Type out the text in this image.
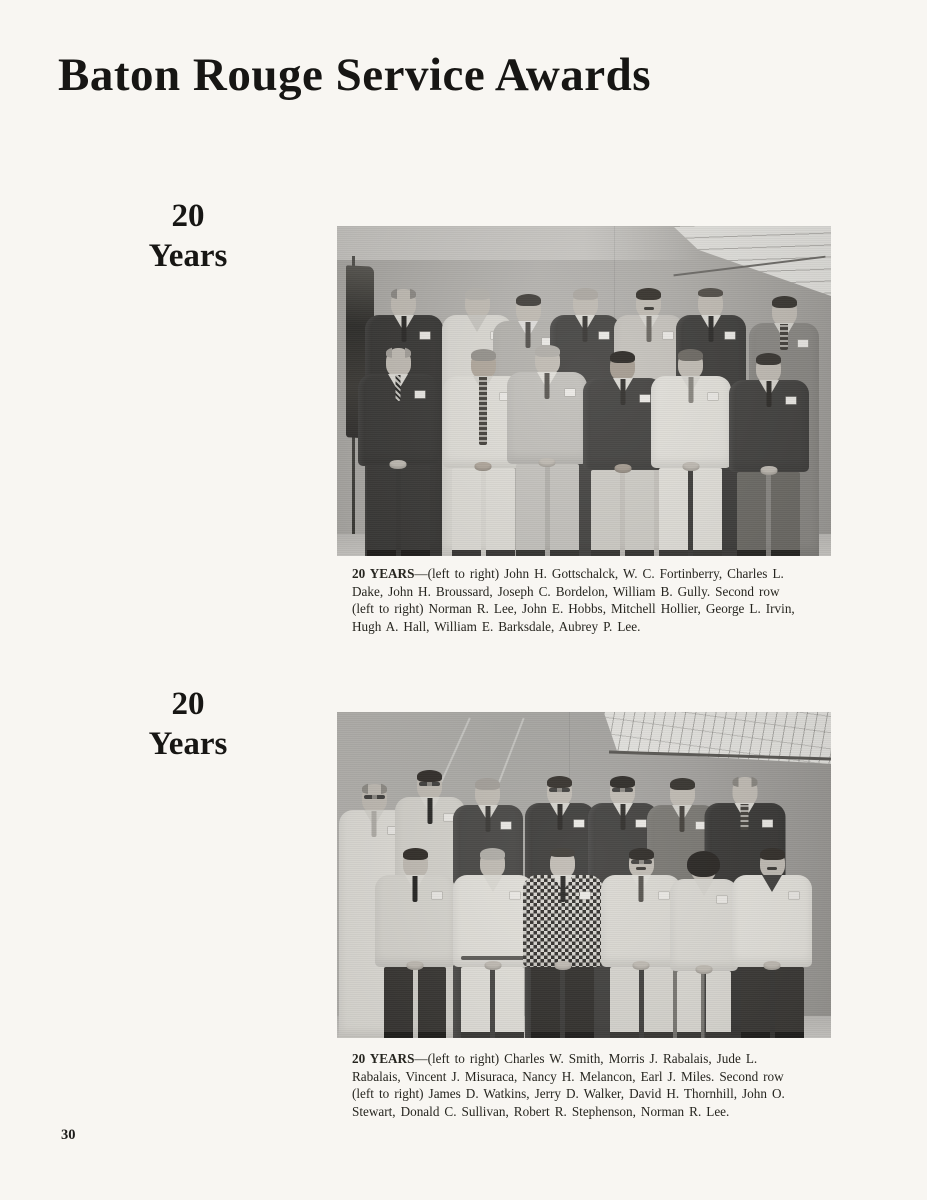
Baton Rouge Service Awards
20
Years

20 YEARS—(left to right) John H. Gottschalck, W. C. Fortinberry, Charles L. Dake, John H. Broussard, Joseph C. Bordelon, William B. Gully. Second row (left to right) Norman R. Lee, John E. Hobbs, Mitchell Hollier, George L. Irvin, Hugh A. Hall, William E. Barksdale, Aubrey P. Lee.

20
Years

20 YEARS—(left to right) Charles W. Smith, Morris J. Rabalais, Jude L. Rabalais, Vincent J. Misuraca, Nancy H. Melancon, Earl J. Miles. Second row (left to right) James D. Watkins, Jerry D. Walker, David H. Thornhill, John O. Stewart, Donald C. Sullivan, Robert R. Stephenson, Norman R. Lee.

30
